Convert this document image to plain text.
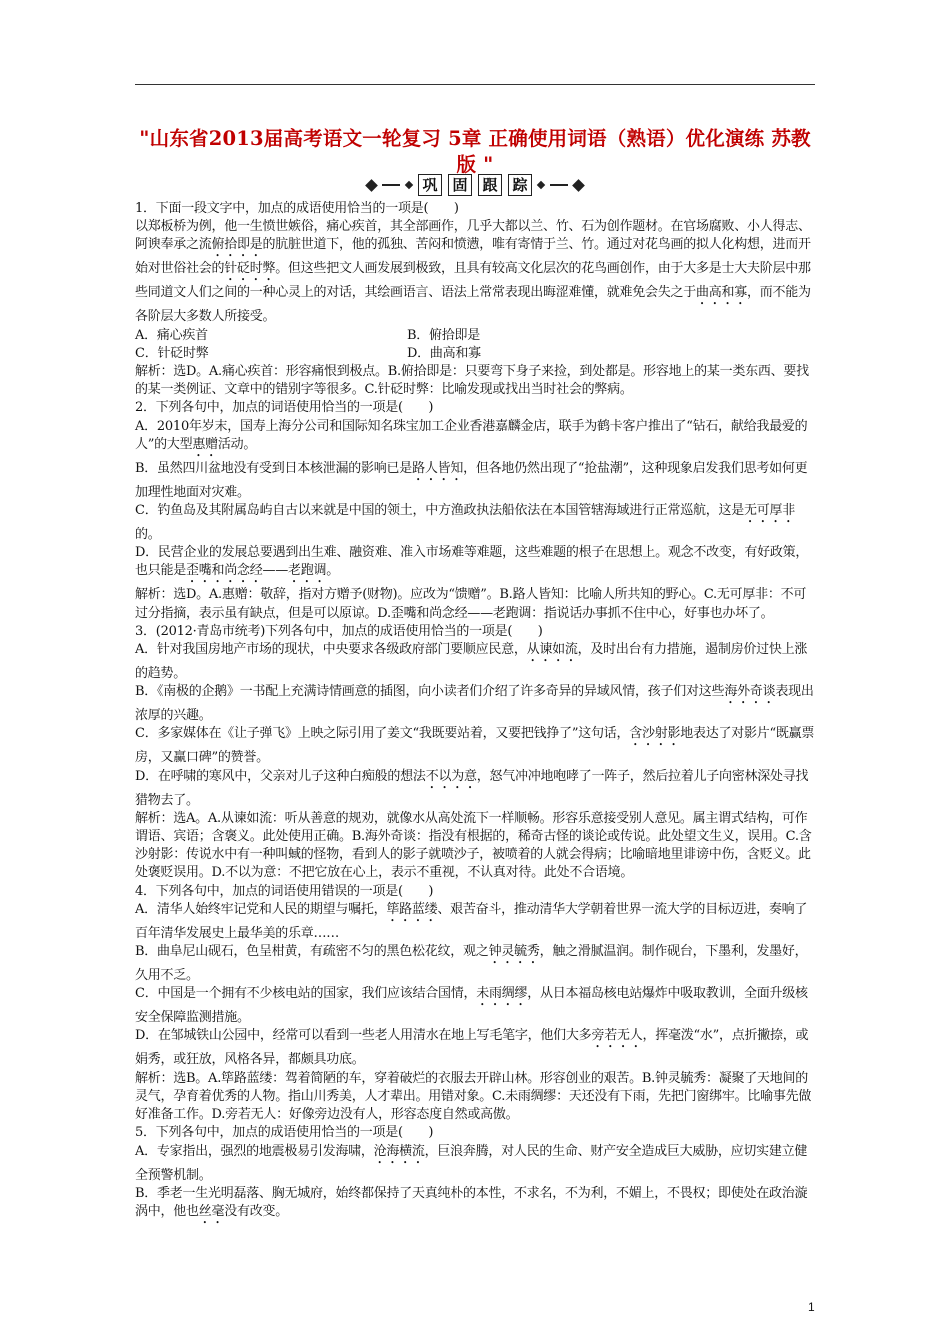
"山东省2013届高考语文一轮复习 5章 正确使用词语（熟语）优化演练 苏教版 "
巩 固 跟 踪

1．下面一段文字中，加点的成语使用恰当的一项是(　　)

以郑板桥为例，他一生愤世嫉俗，痛心疾首，其全部画作，几乎大都以兰、竹、石为创作题材。在官场腐败、小人得志、阿谀奉承之流俯拾即是的肮脏世道下，他的孤独、苦闷和愤懑，唯有寄情于兰、竹。通过对花鸟画的拟人化构想，进而开始对世俗社会的针砭时弊。但这些把文人画发展到极致，且具有较高文化层次的花鸟画创作，由于大多是士大夫阶层中那些同道文人们之间的一种心灵上的对话，其绘画语言、语法上常常表现出晦涩难懂，就难免会失之于曲高和寡，而不能为各阶层大多数人所接受。

A．痛心疾首	B．俯拾即是

C．针砭时弊	D．曲高和寡

解析：选D。A.痛心疾首：形容痛恨到极点。B.俯拾即是：只要弯下身子来捡，到处都是。形容地上的某一类东西、要找的某一类例证、文章中的错别字等很多。C.针砭时弊：比喻发现或找出当时社会的弊病。

2．下列各句中，加点的词语使用恰当的一项是(　　)

A．2010年岁末，国寿上海分公司和国际知名珠宝加工企业香港嘉麟金店，联手为鹤卡客户推出了“钻石，献给我最爱的人”的大型惠赠活动。

B．虽然四川盆地没有受到日本核泄漏的影响已是路人皆知，但各地仍然出现了“抢盐潮”，这种现象启发我们思考如何更加理性地面对灾难。

C．钓鱼岛及其附属岛屿自古以来就是中国的领土，中方渔政执法船依法在本国管辖海域进行正常巡航，这是无可厚非的。

D．民营企业的发展总要遇到出生难、融资难、准入市场难等难题，这些难题的根子在思想上。观念不改变，有好政策，也只能是歪嘴和尚念经——老跑调。

解析：选D。A.惠赠：敬辞，指对方赠予(财物)。应改为“馈赠”。B.路人皆知：比喻人所共知的野心。C.无可厚非：不可过分指摘，表示虽有缺点，但是可以原谅。D.歪嘴和尚念经——老跑调：指说话办事抓不住中心，好事也办坏了。

3．(2012·青岛市统考)下列各句中，加点的成语使用恰当的一项是(　　)

A．针对我国房地产市场的现状，中央要求各级政府部门要顺应民意，从谏如流，及时出台有力措施，遏制房价过快上涨的趋势。

B．《南极的企鹅》一书配上充满诗情画意的插图，向小读者们介绍了许多奇异的异域风情，孩子们对这些海外奇谈表现出浓厚的兴趣。

C．多家媒体在《让子弹飞》上映之际引用了姜文“我既要站着，又要把钱挣了”这句话，含沙射影地表达了对影片“既赢票房，又赢口碑”的赞誉。

D．在呼啸的寒风中，父亲对儿子这种白痴般的想法不以为意，怒气冲冲地咆哮了一阵子，然后拉着儿子向密林深处寻找猎物去了。

解析：选A。A.从谏如流：听从善意的规劝，就像水从高处流下一样顺畅。形容乐意接受别人意见。属主谓式结构，可作谓语、宾语；含褒义。此处使用正确。B.海外奇谈：指没有根据的，稀奇古怪的谈论或传说。此处望文生义，误用。C.含沙射影：传说水中有一种叫蜮的怪物，看到人的影子就喷沙子，被喷着的人就会得病；比喻暗地里诽谤中伤，含贬义。此处褒贬误用。D.不以为意：不把它放在心上，表示不重视，不认真对待。此处不合语境。

4．下列各句中，加点的词语使用错误的一项是(　　)

A．清华人始终牢记党和人民的期望与嘱托，筚路蓝缕、艰苦奋斗，推动清华大学朝着世界一流大学的目标迈进，奏响了百年清华发展史上最华美的乐章……

B．曲阜尼山砚石，色呈柑黄，有疏密不匀的黑色松花纹，观之钟灵毓秀，触之滑腻温润。制作砚台，下墨利，发墨好，久用不乏。

C．中国是一个拥有不少核电站的国家，我们应该结合国情，未雨绸缪，从日本福岛核电站爆炸中吸取教训，全面升级核安全保障监测措施。

D．在邹城铁山公园中，经常可以看到一些老人用清水在地上写毛笔字，他们大多旁若无人，挥毫泼“水”，点折撇捺，或娟秀，或狂放，风格各异，都颇具功底。

解析：选B。A.筚路蓝缕：驾着简陋的车，穿着破烂的衣服去开辟山林。形容创业的艰苦。B.钟灵毓秀：凝聚了天地间的灵气，孕育着优秀的人物。指山川秀美，人才辈出。用错对象。C.未雨绸缪：天还没有下雨，先把门窗绑牢。比喻事先做好准备工作。D.旁若无人：好像旁边没有人，形容态度自然或高傲。

5．下列各句中，加点的成语使用恰当的一项是(　　)

A．专家指出，强烈的地震极易引发海啸，沧海横流，巨浪奔腾，对人民的生命、财产安全造成巨大威胁，应切实建立健全预警机制。

B．季老一生光明磊落、胸无城府，始终都保持了天真纯朴的本性，不求名，不为利，不媚上，不畏权；即使处在政治漩涡中，他也丝毫没有改变。

1
